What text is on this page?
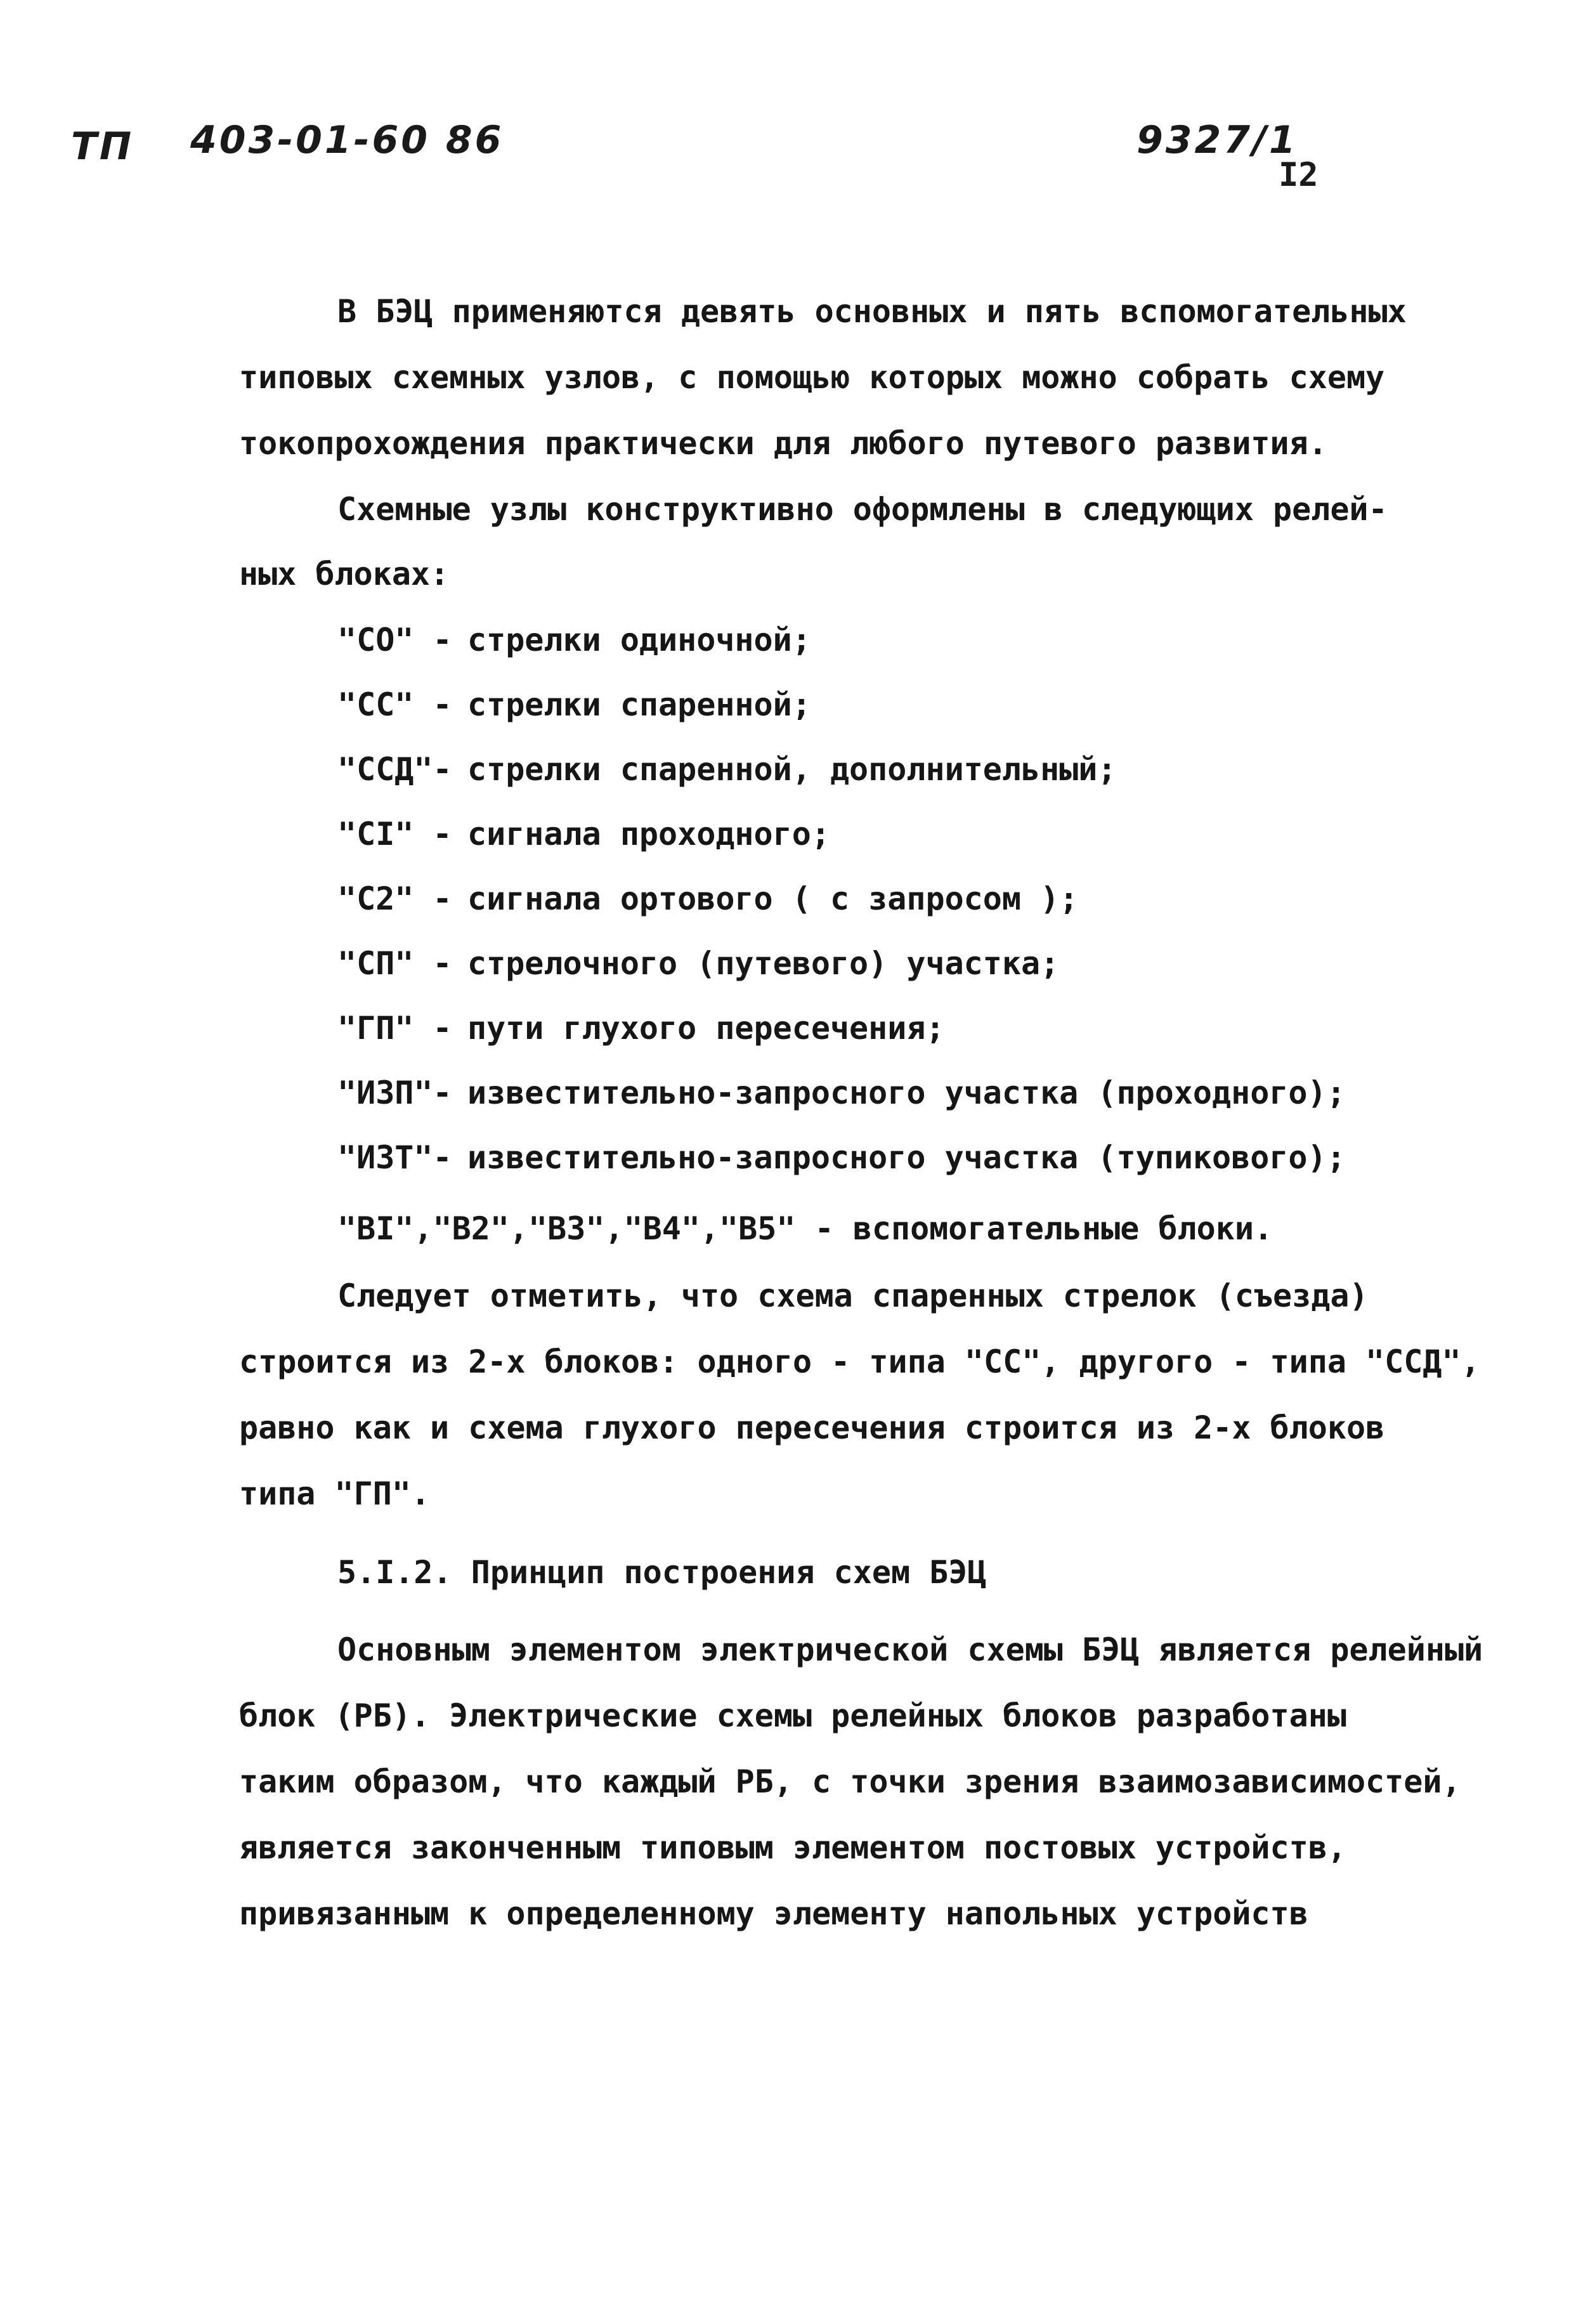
ТП 403-01-60 86	9327/1
I2
В БЭЦ применяются девять основных и пять вспомогательных
типовых схемных узлов, с помощью которых можно собрать схему
токопрохождения практически для любого путевого развития.
Схемные узлы конструктивно оформлены в следующих релей-
ных блоках:
"СО" - стрелки одиночной;
"СС" - стрелки спаренной;
"ССД"- стрелки спаренной, дополнительный;
"СI" - сигнала проходного;
"С2" - сигнала ортового ( с запросом );
"СП" - стрелочного (путевого) участка;
"ГП" - пути глухого пересечения;
"ИЗП"- известительно-запросного участка (проходного);
"ИЗТ"- известительно-запросного участка (тупикового);
"ВI","В2","В3","В4","В5" - вспомогательные блоки.
Следует отметить, что схема спаренных стрелок (съезда)
строится из 2-х блоков: одного - типа "СС", другого - типа "ССД",
равно как и схема глухого пересечения строится из 2-х блоков
типа "ГП".
5.I.2. Принцип построения схем БЭЦ
Основным элементом электрической схемы БЭЦ является релейный
блок (РБ). Электрические схемы релейных блоков разработаны
таким образом, что каждый РБ, с точки зрения взаимозависимостей,
является законченным типовым элементом постовых устройств,
привязанным к определенному элементу напольных устройств
